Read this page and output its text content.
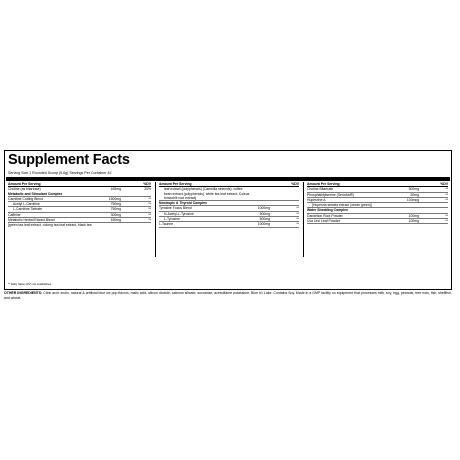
Supplement Facts
Serving Size 1 Rounded Scoop (5.6g) Servings Per Container 42
Amount Per Serving	%DV
Choline (as bitartrate)	165mg	30%
Metabolic and Stimulant Complex
Carnitine Cutting Blend	1500mg	**
Acetyl L-Carnitine	750mg	**
L-Carnitine Tartrate	750mg	**
Caffeine	300mg	**
Metabolic Herbal Extract Blend	150mg	**
[green tea leaf extract, oolong tea leaf extract, black tea
Amount Per Serving	%DV
leaf extract (polyphenols) (Camellia sinensis), coffee
bean extract (polyphenols), white tea leaf extract, Coleus
forskohlii root extract]
Nootropic & Thyroid Complex
Tyrosine Focus Blend	1000mg	**
N-Acetyl-L-Tyrosine	500mg	**
L-Tyrosine	500mg	**
L-Taurine	1000mg	**
Amount Per Serving	%DV
Choline Bitartrate	500mg	**
Phosphatidylserine (SerinAid®)	50mg	**
Huperzine A	100mcg	**
[Huperzia serrata extract (whole green)]
Water Shedding Complex
Dandelion Root Powder	100mg	**
Uva Ursi Leaf Powder	100mg	**
** Daily Value (DV) not established.
OTHER INGREDIENTS: Citric acid, inulin, natural & artificial blue ice pop flavors, malic acid, silicon dioxide, calcium silicate, sucralose, acesulfame potassium, Blue #1 Lake. Contains Soy. Made in a GMP facility on equipment that processes milk, soy, egg, peanuts, tree nuts, fish, shellfish, and wheat.
